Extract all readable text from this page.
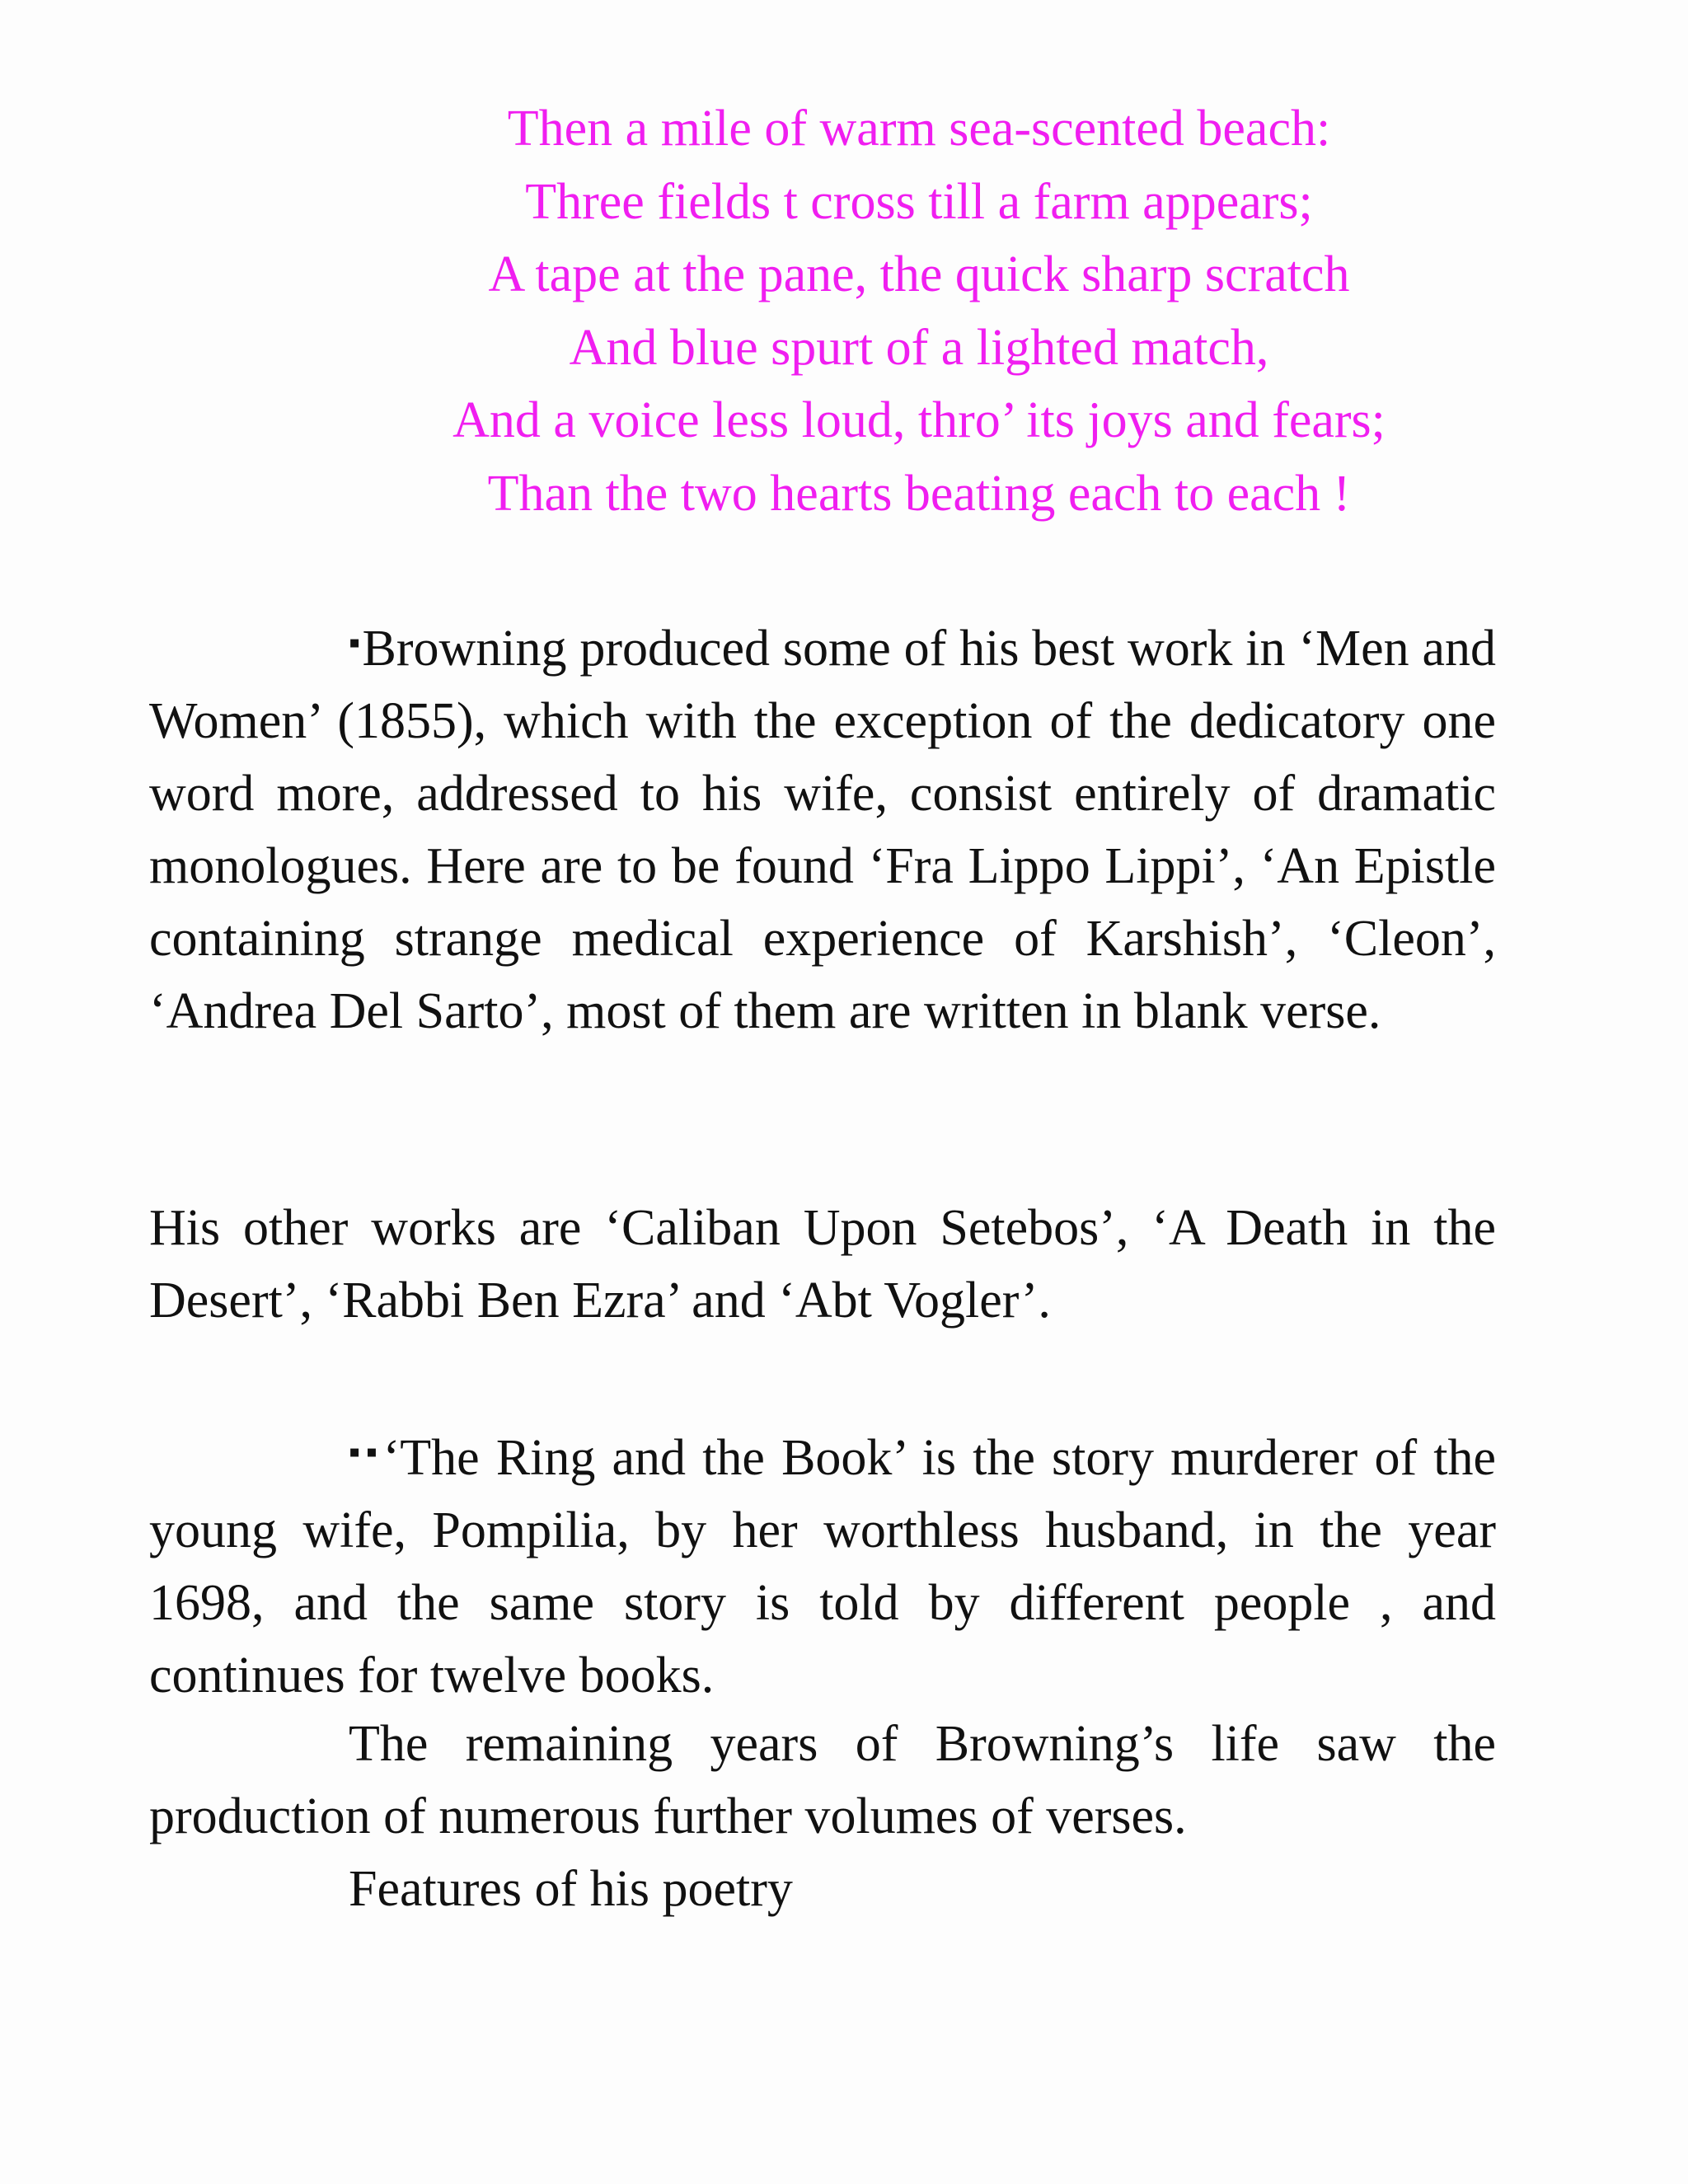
Then a mile of warm sea-scented beach:
Three fields t cross till a farm appears;
A tape at the pane, the quick sharp scratch
And blue spurt of a lighted match,
And a voice less loud, thro’ its joys and fears;
Than the two hearts beating each to each !

▪Browning produced some of his best work in ‘Men and Women’ (1855), which with the exception of the dedicatory one word more, addressed to his wife, consist entirely of dramatic monologues. Here are to be found ‘Fra Lippo Lippi’, ‘An Epistle containing strange medical experience of Karshish’, ‘Cleon’, ‘Andrea Del Sarto’, most of them are written in blank verse.

His other works are ‘Caliban Upon Setebos’, ‘A Death in the Desert’, ‘Rabbi Ben Ezra’ and ‘Abt Vogler’.

▪▪‘The Ring and the Book’ is the story murderer of the young wife, Pompilia, by her worthless husband, in the year 1698, and the same story is told by different people , and continues for twelve books.

The remaining years of Browning’s life saw the production of numerous further volumes of verses.

Features of his poetry
